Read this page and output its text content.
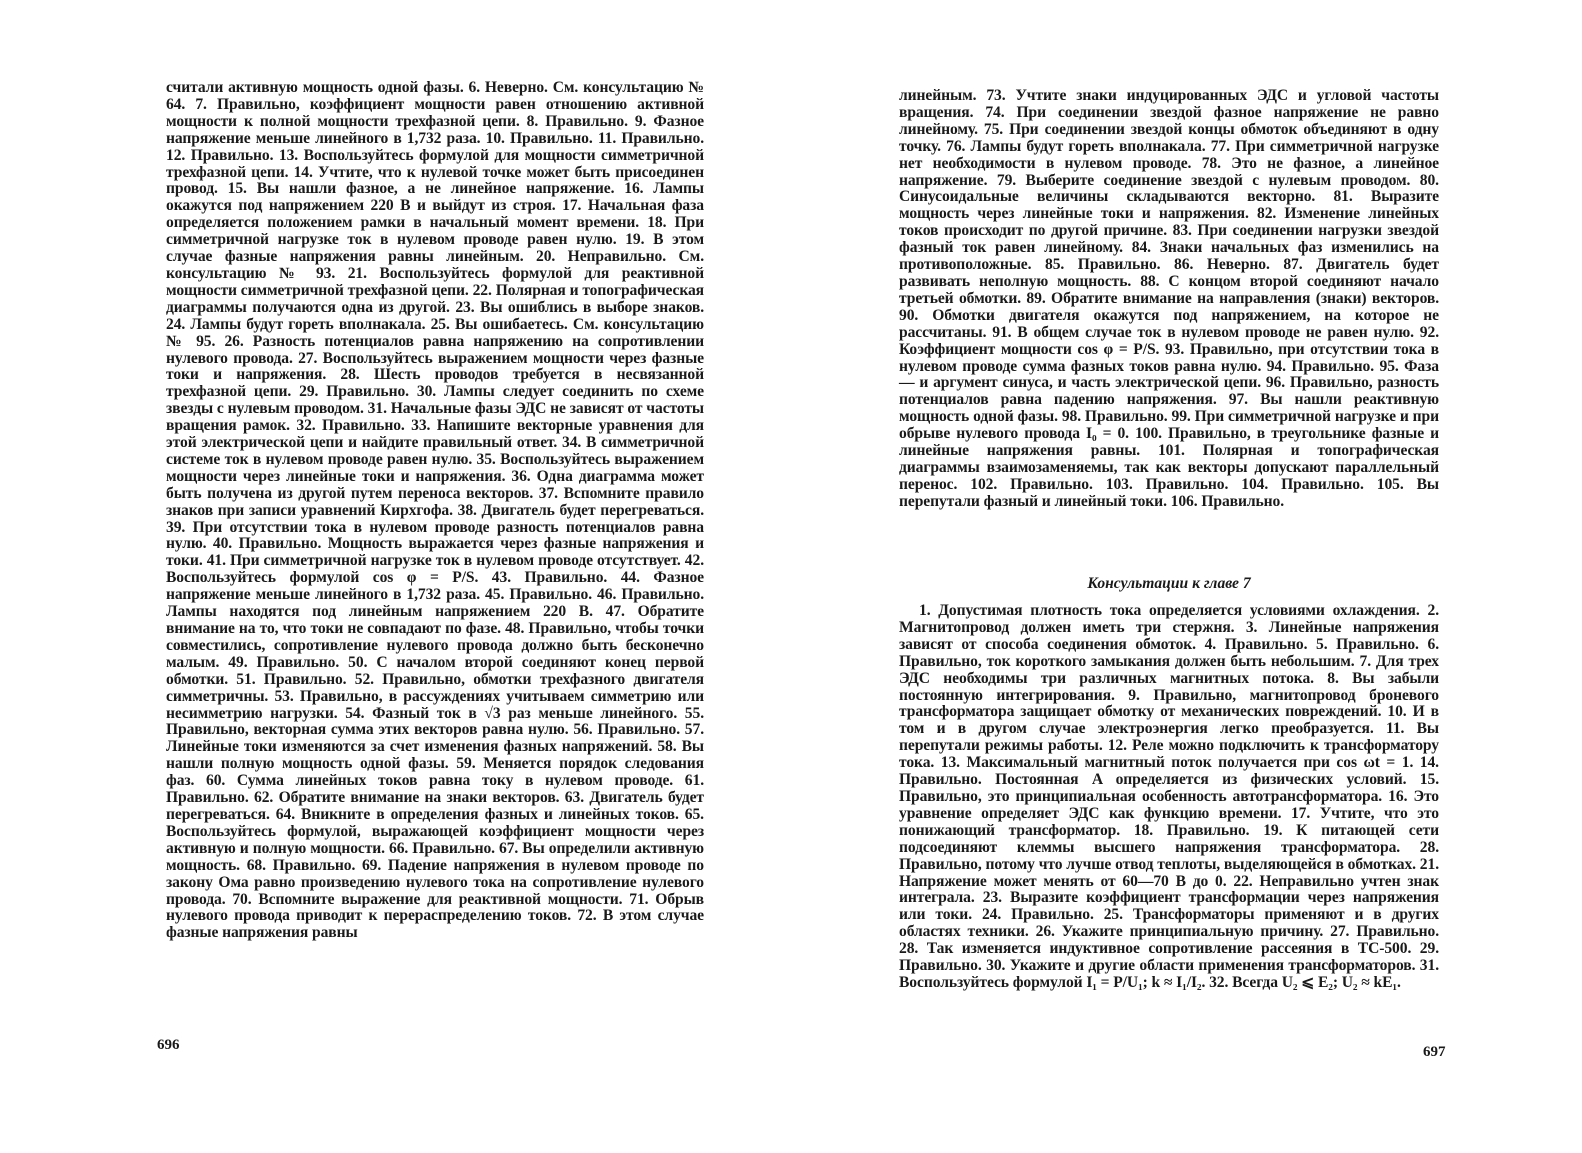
считали активную мощность одной фазы. 6. Неверно. См. консультацию № 64. 7. Правильно, коэффициент мощности равен отношению активной мощности к полной мощности трехфазной цепи. 8. Правильно. 9. Фазное напряжение меньше линейного в 1,732 раза. 10. Правильно. 11. Правильно. 12. Правильно. 13. Воспользуйтесь формулой для мощности симметричной трехфазной цепи. 14. Учтите, что к нулевой точке может быть присоединен провод. 15. Вы нашли фазное, а не линейное напряжение. 16. Лампы окажутся под напряжением 220 В и выйдут из строя. 17. Начальная фаза определяется положением рамки в начальный момент времени. 18. При симметричной нагрузке ток в нулевом проводе равен нулю. 19. В этом случае фазные напряжения равны линейным. 20. Неправильно. См. консультацию № 93. 21. Воспользуйтесь формулой для реактивной мощности симметричной трехфазной цепи. 22. Полярная и топографическая диаграммы получаются одна из другой. 23. Вы ошиблись в выборе знаков. 24. Лампы будут гореть вполнакала. 25. Вы ошибаетесь. См. консультацию № 95. 26. Разность потенциалов равна напряжению на сопротивлении нулевого провода. 27. Воспользуйтесь выражением мощности через фазные токи и напряжения. 28. Шесть проводов требуется в несвязанной трехфазной цепи. 29. Правильно. 30. Лампы следует соединить по схеме звезды с нулевым проводом. 31. Начальные фазы ЭДС не зависят от частоты вращения рамок. 32. Правильно. 33. Напишите векторные уравнения для этой электрической цепи и найдите правильный ответ. 34. В симметричной системе ток в нулевом проводе равен нулю. 35. Воспользуйтесь выражением мощности через линейные токи и напряжения. 36. Одна диаграмма может быть получена из другой путем переноса векторов. 37. Вспомните правило знаков при записи уравнений Кирхгофа. 38. Двигатель будет перегреваться. 39. При отсутствии тока в нулевом проводе разность потенциалов равна нулю. 40. Правильно. Мощность выражается через фазные напряжения и токи. 41. При симметричной нагрузке ток в нулевом проводе отсутствует. 42. Воспользуйтесь формулой cos φ = P/S. 43. Правильно. 44. Фазное напряжение меньше линейного в 1,732 раза. 45. Правильно. 46. Правильно. Лампы находятся под линейным напряжением 220 В. 47. Обратите внимание на то, что токи не совпадают по фазе. 48. Правильно, чтобы точки совместились, сопротивление нулевого провода должно быть бесконечно малым. 49. Правильно. 50. С началом второй соединяют конец первой обмотки. 51. Правильно. 52. Правильно, обмотки трехфазного двигателя симметричны. 53. Правильно, в рассуждениях учитываем симметрию или несимметрию нагрузки. 54. Фазный ток в √3 раз меньше линейного. 55. Правильно, векторная сумма этих векторов равна нулю. 56. Правильно. 57. Линейные токи изменяются за счет изменения фазных напряжений. 58. Вы нашли полную мощность одной фазы. 59. Меняется порядок следования фаз. 60. Сумма линейных токов равна току в нулевом проводе. 61. Правильно. 62. Обратите внимание на знаки векторов. 63. Двигатель будет перегреваться. 64. Вникните в определения фазных и линейных токов. 65. Воспользуйтесь формулой, выражающей коэффициент мощности через активную и полную мощности. 66. Правильно. 67. Вы определили активную мощность. 68. Правильно. 69. Падение напряжения в нулевом проводе по закону Ома равно произведению нулевого тока на сопротивление нулевого провода. 70. Вспомните выражение для реактивной мощности. 71. Обрыв нулевого провода приводит к перераспределению токов. 72. В этом случае фазные напряжения равны
696
линейным. 73. Учтите знаки индуцированных ЭДС и угловой частоты вращения. 74. При соединении звездой фазное напряжение не равно линейному. 75. При соединении звездой концы обмоток объединяют в одну точку. 76. Лампы будут гореть вполнакала. 77. При симметричной нагрузке нет необходимости в нулевом проводе. 78. Это не фазное, а линейное напряжение. 79. Выберите соединение звездой с нулевым проводом. 80. Синусоидальные величины складываются векторно. 81. Выразите мощность через линейные токи и напряжения. 82. Изменение линейных токов происходит по другой причине. 83. При соединении нагрузки звездой фазный ток равен линейному. 84. Знаки начальных фаз изменились на противоположные. 85. Правильно. 86. Неверно. 87. Двигатель будет развивать неполную мощность. 88. С концом второй соединяют начало третьей обмотки. 89. Обратите внимание на направления (знаки) векторов. 90. Обмотки двигателя окажутся под напряжением, на которое не рассчитаны. 91. В общем случае ток в нулевом проводе не равен нулю. 92. Коэффициент мощности cos φ = P/S. 93. Правильно, при отсутствии тока в нулевом проводе сумма фазных токов равна нулю. 94. Правильно. 95. Фаза — и аргумент синуса, и часть электрической цепи. 96. Правильно, разность потенциалов равна падению напряжения. 97. Вы нашли реактивную мощность одной фазы. 98. Правильно. 99. При симметричной нагрузке и при обрыве нулевого провода I₀ = 0. 100. Правильно, в треугольнике фазные и линейные напряжения равны. 101. Полярная и топографическая диаграммы взаимозаменяемы, так как векторы допускают параллельный перенос. 102. Правильно. 103. Правильно. 104. Правильно. 105. Вы перепутали фазный и линейный токи. 106. Правильно.
Консультации к главе 7
1. Допустимая плотность тока определяется условиями охлаждения. 2. Магнитопровод должен иметь три стержня. 3. Линейные напряжения зависят от способа соединения обмоток. 4. Правильно. 5. Правильно. 6. Правильно, ток короткого замыкания должен быть небольшим. 7. Для трех ЭДС необходимы три различных магнитных потока. 8. Вы забыли постоянную интегрирования. 9. Правильно, магнитопровод броневого трансформатора защищает обмотку от механических повреждений. 10. И в том и в другом случае электроэнергия легко преобразуется. 11. Вы перепутали режимы работы. 12. Реле можно подключить к трансформатору тока. 13. Максимальный магнитный поток получается при cos ωt = 1. 14. Правильно. Постоянная A определяется из физических условий. 15. Правильно, это принципиальная особенность автотрансформатора. 16. Это уравнение определяет ЭДС как функцию времени. 17. Учтите, что это понижающий трансформатор. 18. Правильно. 19. К питающей сети подсоединяют клеммы высшего напряжения трансформатора. 28. Правильно, потому что лучше отвод теплоты, выделяющейся в обмотках. 21. Напряжение может менять от 60—70 В до 0. 22. Неправильно учтен знак интеграла. 23. Выразите коэффициент трансформации через напряжения или токи. 24. Правильно. 25. Трансформаторы применяют и в других областях техники. 26. Укажите принципиальную причину. 27. Правильно. 28. Так изменяется индуктивное сопротивление рассеяния в ТС-500. 29. Правильно. 30. Укажите и другие области применения трансформаторов. 31. Воспользуйтесь формулой I₁ = P/U₁; k ≈ I₁/I₂. 32. Всегда U₂ ⩽ E₂; U₂ ≈ kE₁.
697
